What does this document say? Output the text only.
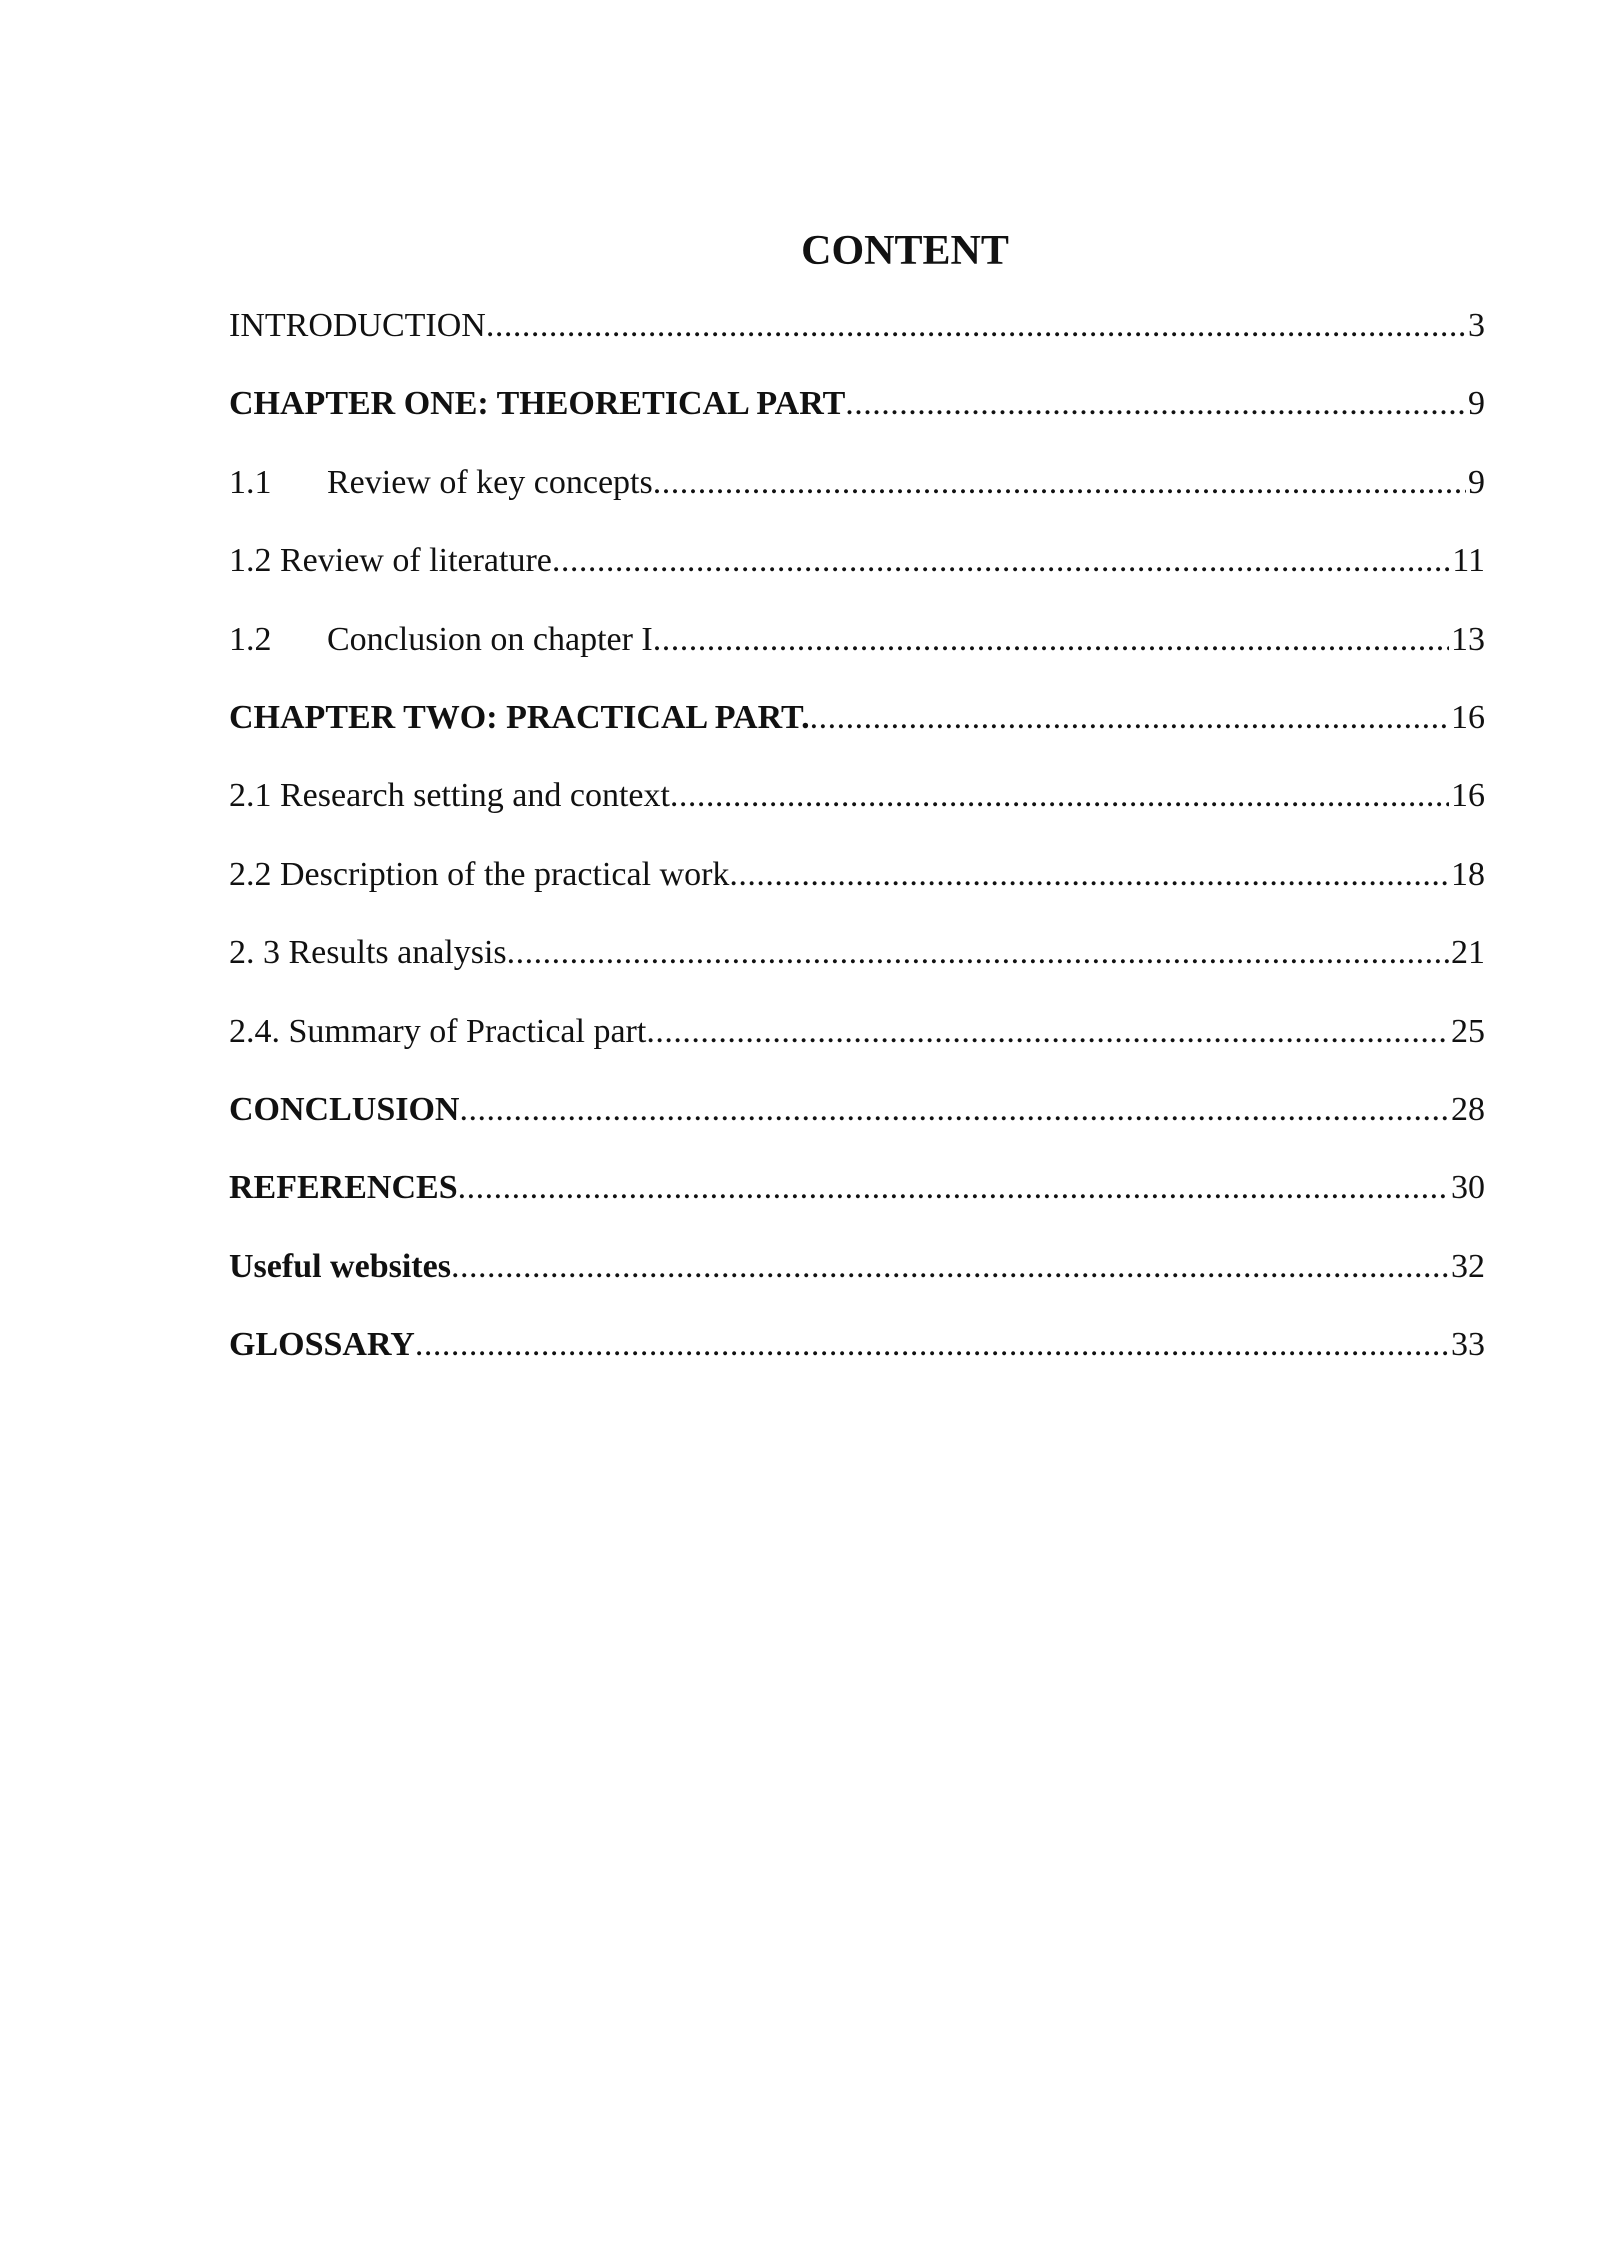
CONTENT
INTRODUCTION .....	3
CHAPTER ONE: THEORETICAL PART .....	9
1.1	Review of key concepts .....	9
1.2 Review of literature .....	11
1.2	Conclusion on chapter I .....	13
CHAPTER TWO: PRACTICAL PART. .....	16
2.1 Research setting and context .....	16
2.2 Description of the practical work .....	18
2. 3 Results analysis .....	21
2.4. Summary of Practical part .....	25
CONCLUSION .....	28
REFERENCES .....	30
Useful websites .....	32
GLOSSARY .....	33
